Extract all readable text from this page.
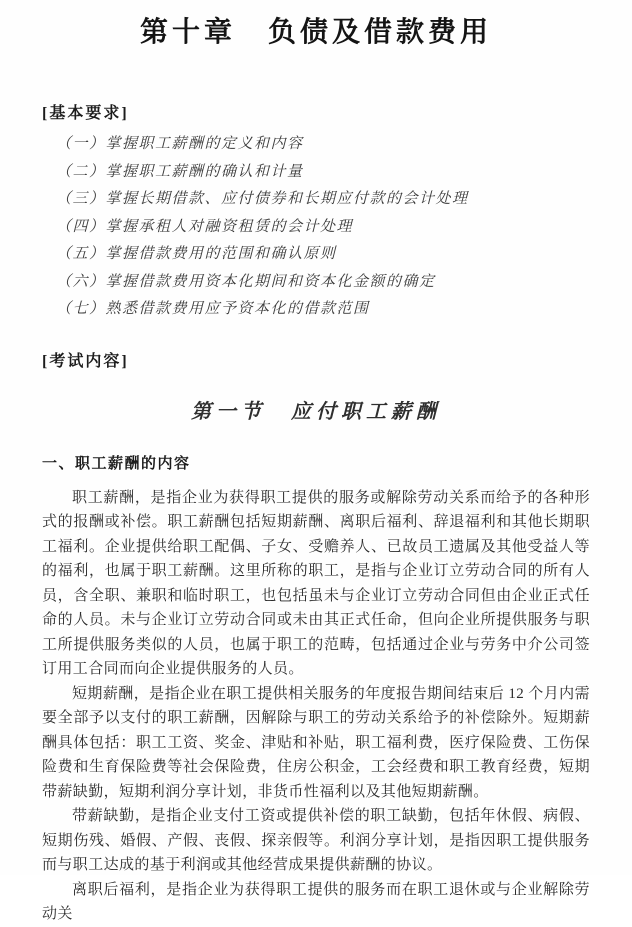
第十章　负债及借款费用
[基本要求]
（一）掌握职工薪酬的定义和内容
（二）掌握职工薪酬的确认和计量
（三）掌握长期借款、应付债券和长期应付款的会计处理
（四）掌握承租人对融资租赁的会计处理
（五）掌握借款费用的范围和确认原则
（六）掌握借款费用资本化期间和资本化金额的确定
（七）熟悉借款费用应予资本化的借款范围
[考试内容]
第一节　应付职工薪酬
一、职工薪酬的内容

职工薪酬，是指企业为获得职工提供的服务或解除劳动关系而给予的各种形式的报酬或补偿。职工薪酬包括短期薪酬、离职后福利、辞退福利和其他长期职工福利。企业提供给职工配偶、子女、受赡养人、已故员工遗属及其他受益人等的福利，也属于职工薪酬。这里所称的职工，是指与企业订立劳动合同的所有人员，含全职、兼职和临时职工，也包括虽未与企业订立劳动合同但由企业正式任命的人员。未与企业订立劳动合同或未由其正式任命，但向企业所提供服务与职工所提供服务类似的人员，也属于职工的范畴，包括通过企业与劳务中介公司签订用工合同而向企业提供服务的人员。

短期薪酬，是指企业在职工提供相关服务的年度报告期间结束后 12 个月内需要全部予以支付的职工薪酬，因解除与职工的劳动关系给予的补偿除外。短期薪酬具体包括：职工工资、奖金、津贴和补贴，职工福利费，医疗保险费、工伤保险费和生育保险费等社会保险费，住房公积金，工会经费和职工教育经费，短期带薪缺勤，短期利润分享计划，非货币性福利以及其他短期薪酬。

带薪缺勤，是指企业支付工资或提供补偿的职工缺勤，包括年休假、病假、短期伤残、婚假、产假、丧假、探亲假等。利润分享计划，是指因职工提供服务而与职工达成的基于利润或其他经营成果提供薪酬的协议。

离职后福利，是指企业为获得职工提供的服务而在职工退休或与企业解除劳动关
